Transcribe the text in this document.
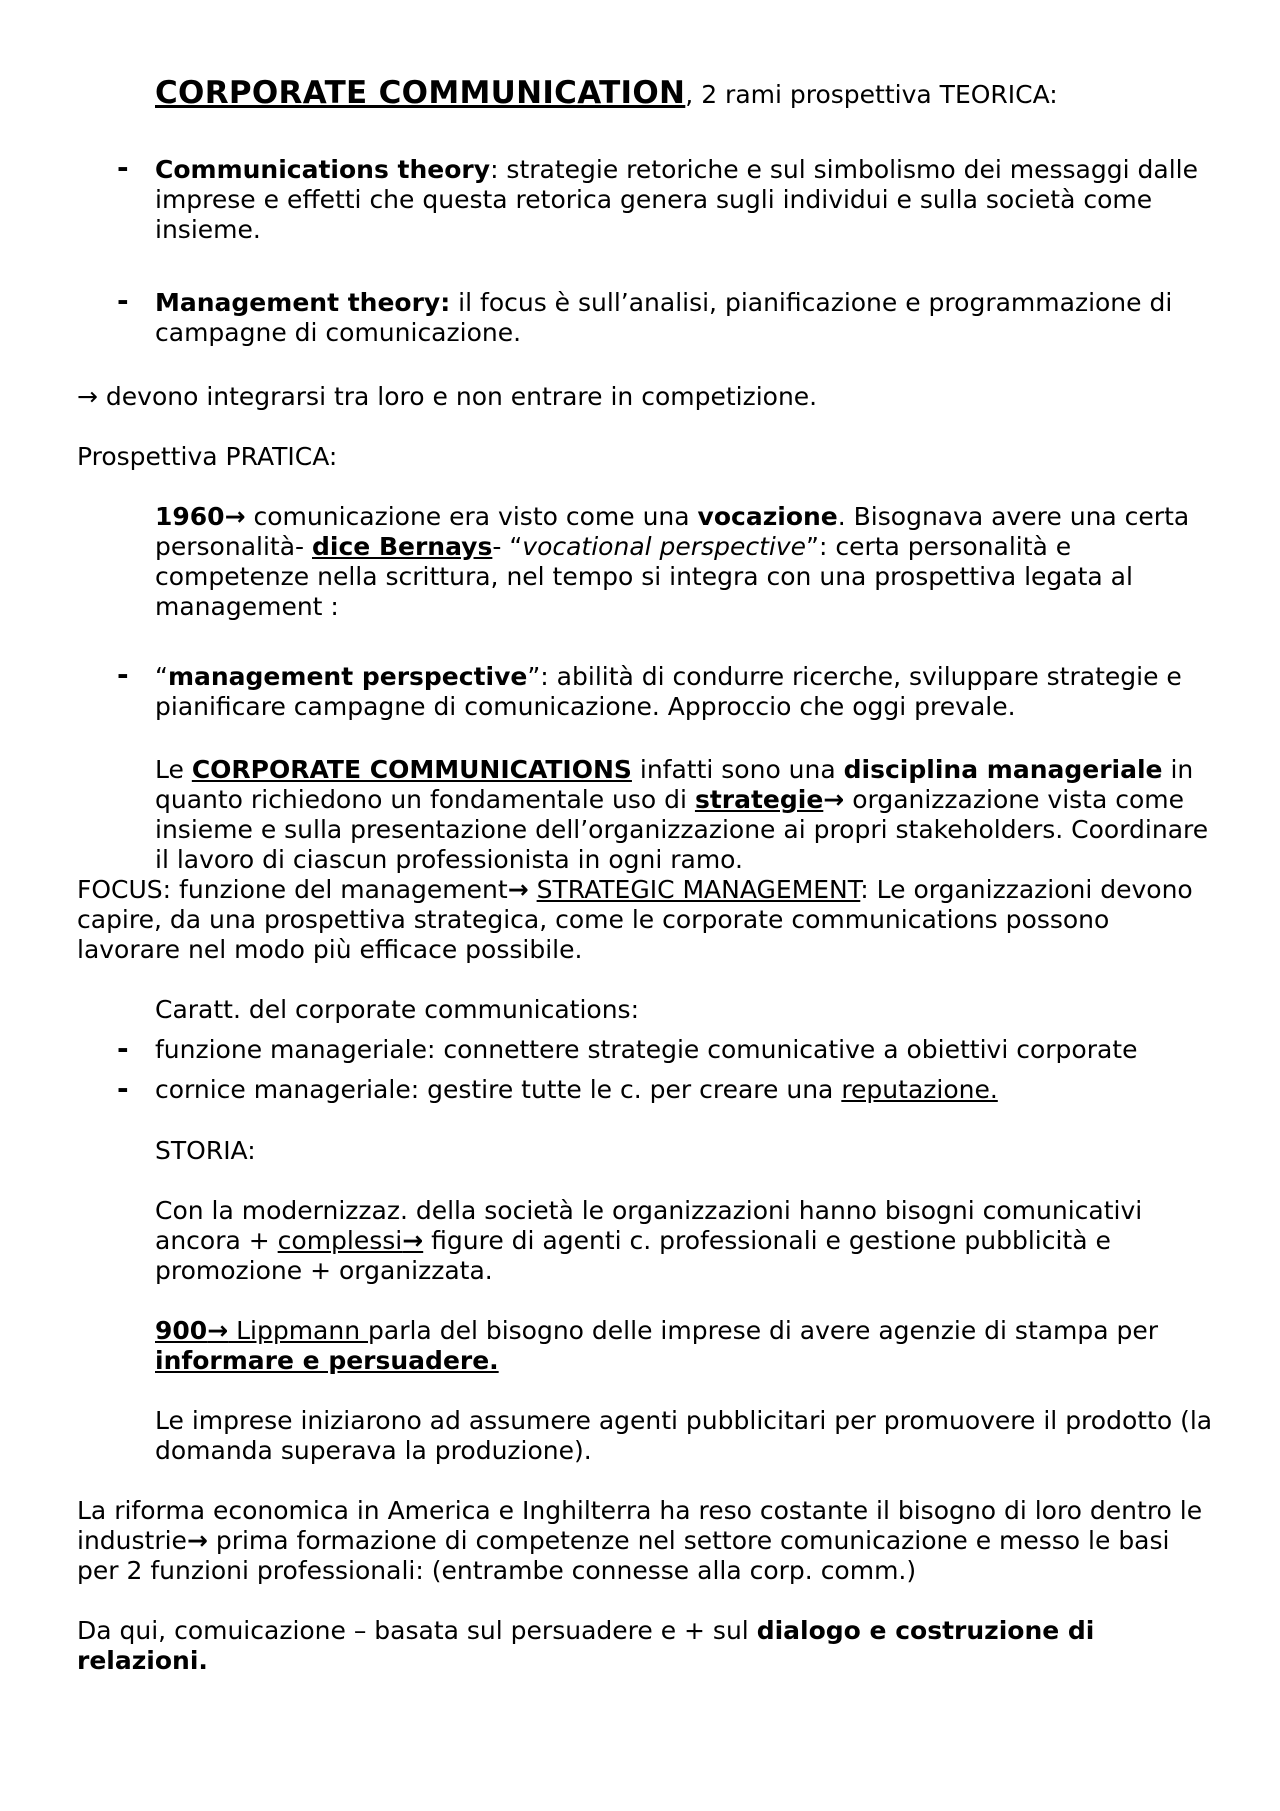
CORPORATE COMMUNICATION, 2 rami prospettiva TEORICA:

- Communications theory: strategie retoriche e sul simbolismo dei messaggi dalle imprese e effetti che questa retorica genera sugli individui e sulla società come insieme.

- Management theory: il focus è sull’analisi, pianificazione e programmazione di campagne di comunicazione.

→ devono integrarsi tra loro e non entrare in competizione.

Prospettiva PRATICA:

1960→ comunicazione era visto come una vocazione. Bisognava avere una certa personalità- dice Bernays- “vocational perspective”: certa personalità e competenze nella scrittura, nel tempo si integra con una prospettiva legata al management :

- “management perspective”: abilità di condurre ricerche, sviluppare strategie e pianificare campagne di comunicazione. Approccio che oggi prevale.

Le CORPORATE COMMUNICATIONS infatti sono una disciplina manageriale in quanto richiedono un fondamentale uso di strategie→ organizzazione vista come insieme e sulla presentazione dell’organizzazione ai propri stakeholders. Coordinare il lavoro di ciascun professionista in ogni ramo.

FOCUS: funzione del management→ STRATEGIC MANAGEMENT: Le organizzazioni devono capire, da una prospettiva strategica, come le corporate communications possono lavorare nel modo più efficace possibile.

Caratt. del corporate communications:

- funzione manageriale: connettere strategie comunicative a obiettivi corporate

- cornice manageriale: gestire tutte le c. per creare una reputazione.

STORIA:

Con la modernizzaz. della società le organizzazioni hanno bisogni comunicativi ancora + complessi→ figure di agenti c. professionali e gestione pubblicità e promozione + organizzata.

900→ Lippmann parla del bisogno delle imprese di avere agenzie di stampa per informare e persuadere.

Le imprese iniziarono ad assumere agenti pubblicitari per promuovere il prodotto (la domanda superava la produzione).

La riforma economica in America e Inghilterra ha reso costante il bisogno di loro dentro le industrie→ prima formazione di competenze nel settore comunicazione e messo le basi per 2 funzioni professionali: (entrambe connesse alla corp. comm.)

Da qui, comuicazione – basata sul persuadere e + sul dialogo e costruzione di relazioni.
